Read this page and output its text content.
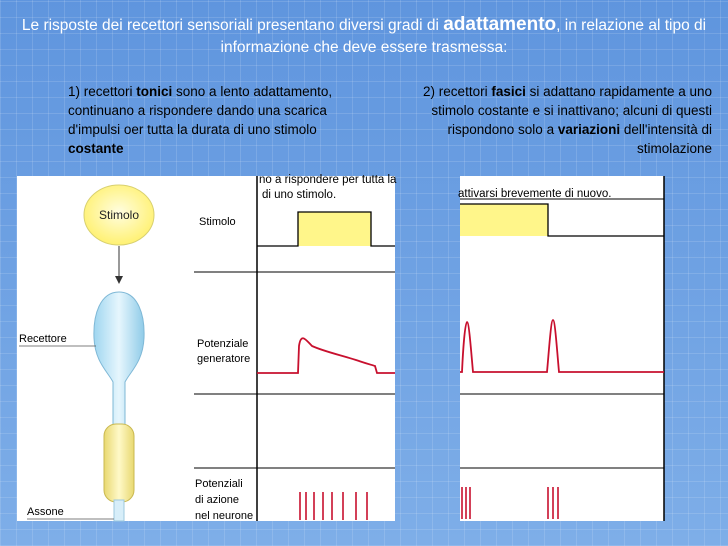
Le risposte dei recettori sensoriali presentano diversi gradi di adattamento, in relazione al tipo di informazione che deve essere trasmessa:
1) recettori tonici sono a lento adattamento, continuano a rispondere dando una scarica d'impulsi oer tutta la durata di uno stimolo costante
2) recettori fasici si adattano rapidamente a uno stimolo costante e si inattivano; alcuni di questi rispondono solo a variazioni dell'intensità di stimolazione
Stimolo
Recettore
Assone
Stimolo
Potenziale
generatore
Potenziali
di azione
nel neurone
no a rispondere per tutta la
di uno stimolo.	attivarsi brevemente di nuovo.
